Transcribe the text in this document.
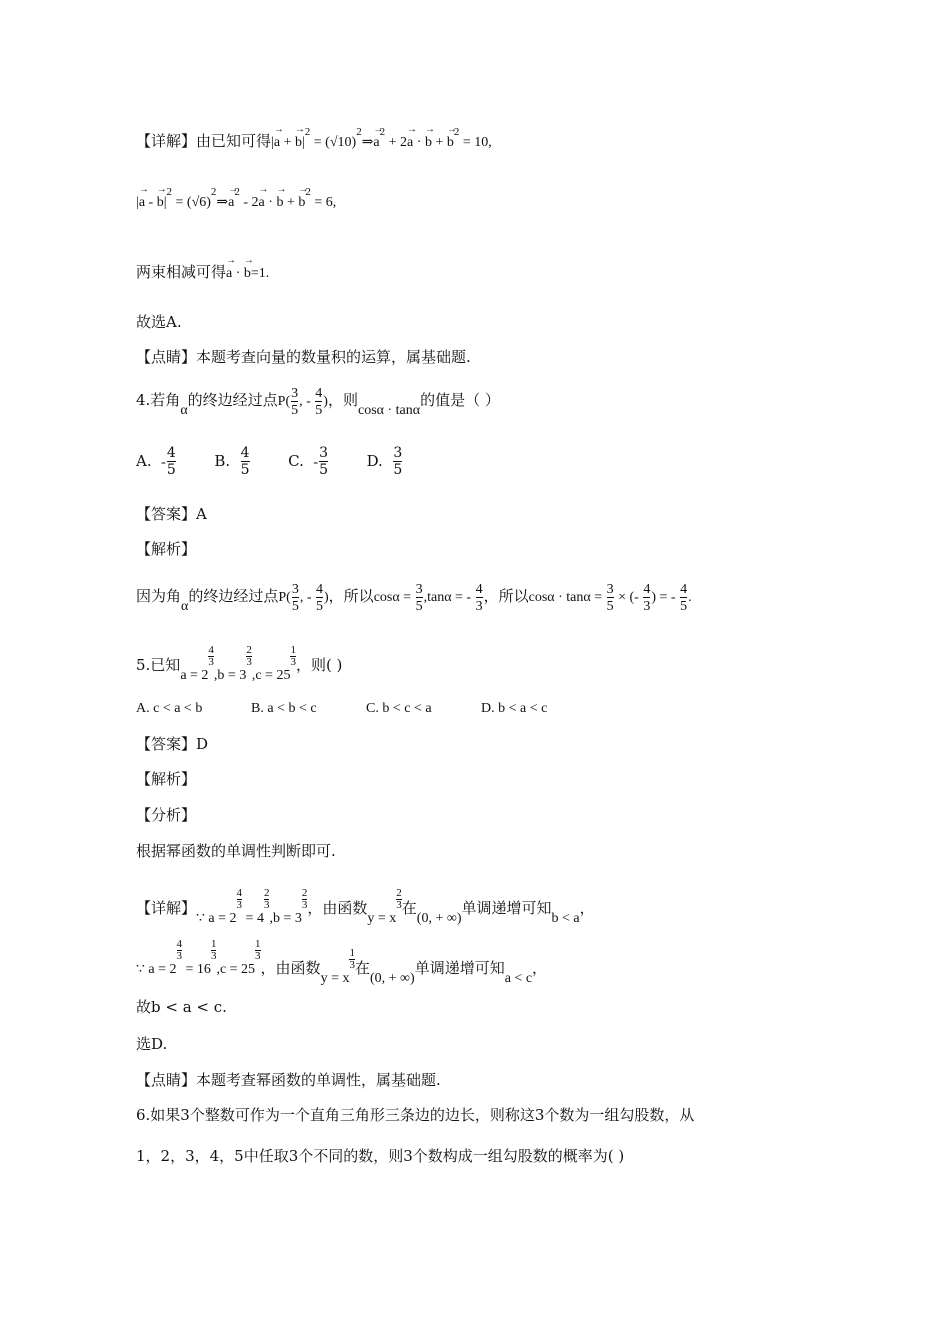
【详解】由已知可得|→ a + → $b|^2$ = $(√10)^2\Rightarrow\to a^2 + 2\to a$ · → b + → $b^2 = 10$,
|→ a - → $b|^2$ = $(√6)^2\Rightarrow\to a^2 - 2\to a$ · → b + → $b^2 = 6$,
两束相减可得→ a · → b=1.
故选A.
【点睛】本题考查向量的数量积的运算，属基础题.
4.若角α的终边经过点$P( \frac{3}{5}$ , - $\frac{4}{5}$ )，则cosα · tanα的值是（ ）
A. - $\frac{4}{5}$	B. $\frac{4}{5}$	C. - $\frac{3}{5}$	D. $\frac{3}{5}$
【答案】A
【解析】
因为角α的终边经过点$P( \frac{3}{5}$ , - $\frac{4}{5}$ )，所以$\cos\alpha = \frac{3}{5} ,\tan\alpha$ = - $\frac{4}{3}$ ，所以$\cos\alpha \cdot \tan\alpha = \frac{3}{5}$ × (- $\frac{4}{3}$ ) = - $\frac{4}{5}$ .
5.已知a = 2
$\frac{4}{3}$
,b = 3
$\frac{2}{3}$
,c = 25
$\frac{1}{3}$ ，则( )
A. c < a < b	B. a < b < c	C. b < c < a	D. b < a < c
【答案】D
【解析】
【分析】
根据幂函数的单调性判断即可.
【详解】∵ a = 2
$\frac{4}{3}$
= 4
$\frac{2}{3}$
,b = 3
$\frac{2}{3}$ ，由函数y = x
$\frac{2}{3}$ 在(0, + ∞)单调递增可知b < a，
∵ a = 2
$\frac{4}{3}$
= 16
$\frac{1}{3}$
,c = 25
$\frac{1}{3}$
，由函数y = x
$\frac{1}{3}$ 在(0, + ∞)单调递增可知a < c，
故b < a < c.
选D.
【点睛】本题考查幂函数的单调性，属基础题.
6.如果3个整数可作为一个直角三角形三条边的边长，则称这3个数为一组勾股数，从
1，2，3，4，5中任取3个不同的数，则3个数构成一组勾股数的概率为( )
